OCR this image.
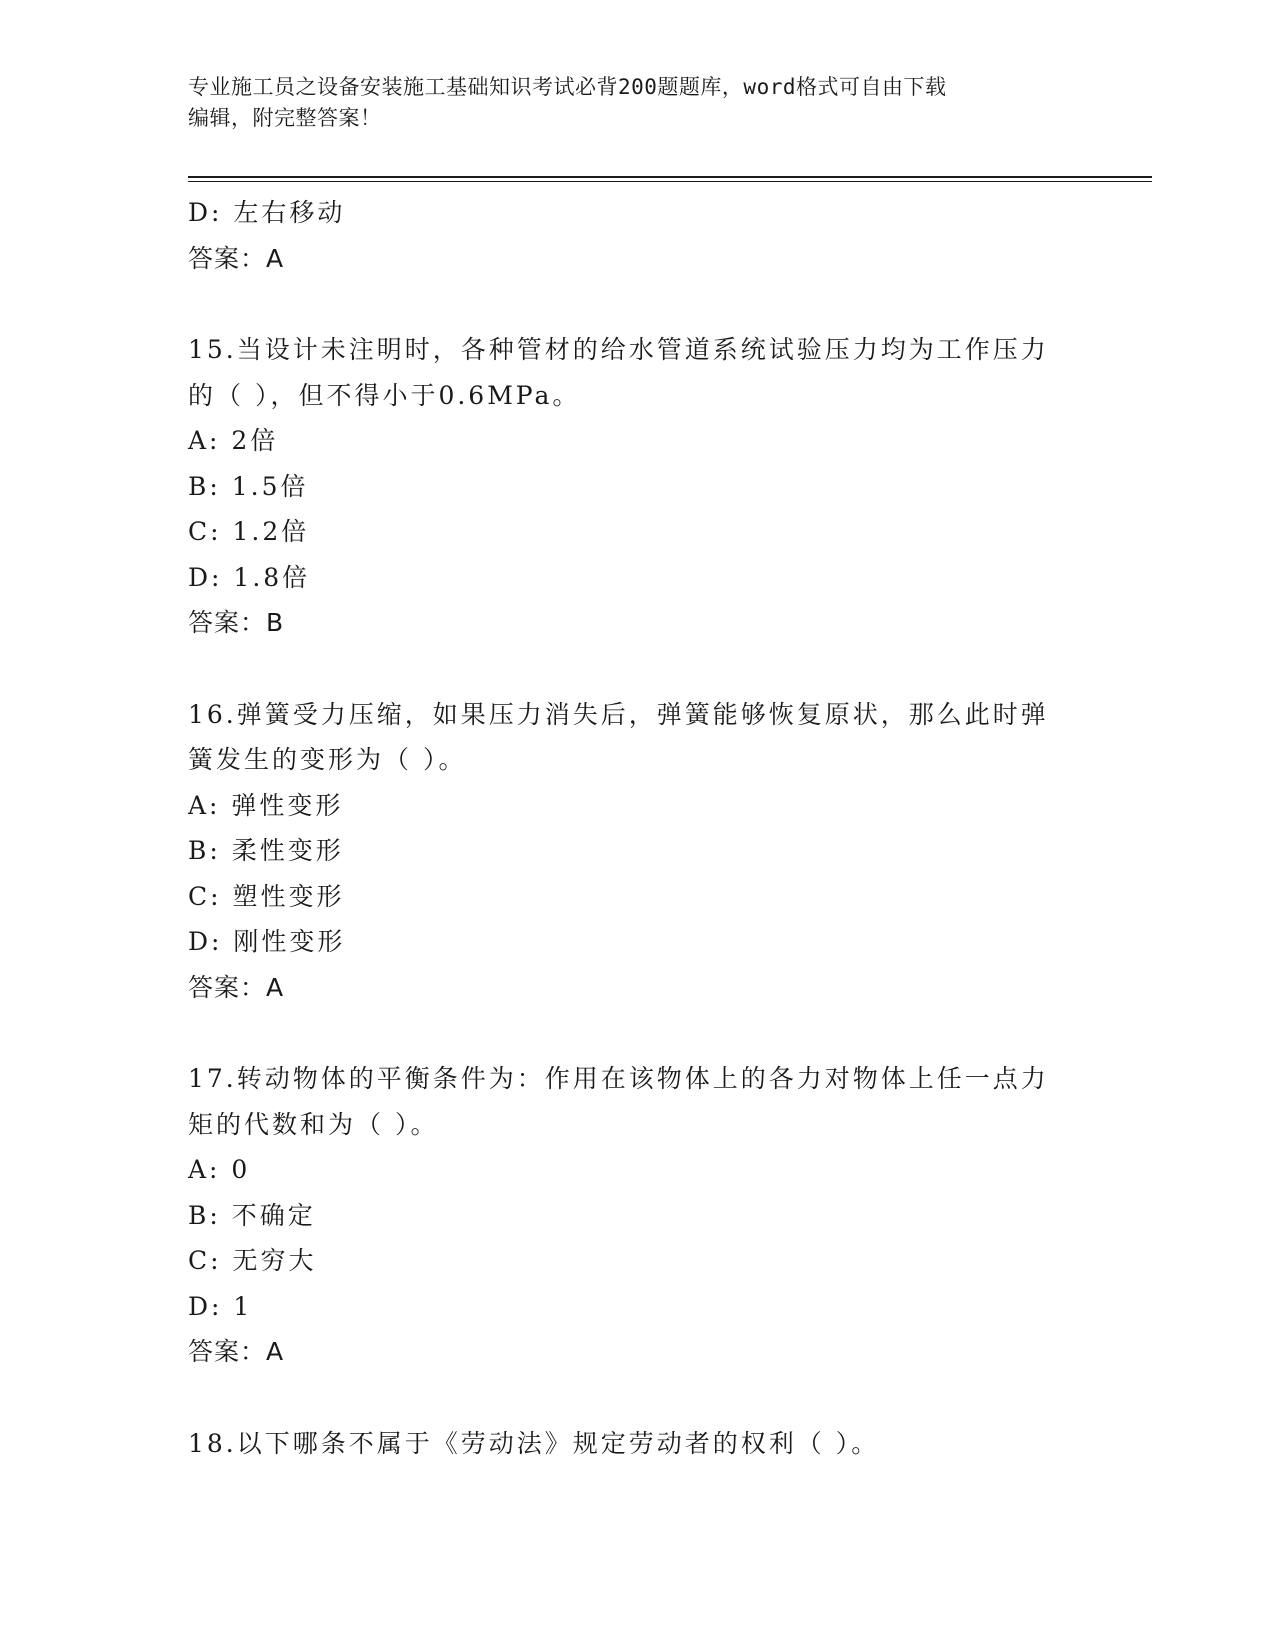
专业施工员之设备安装施工基础知识考试必背200题题库，word格式可自由下载
编辑，附完整答案！
D: 左右移动
答案：A
15.当设计未注明时，各种管材的给水管道系统试验压力均为工作压力
的（ ），但不得小于0.6MPa。
A: 2倍
B: 1.5倍
C: 1.2倍
D: 1.8倍
答案：B
16.弹簧受力压缩，如果压力消失后，弹簧能够恢复原状，那么此时弹
簧发生的变形为（ ）。
A: 弹性变形
B: 柔性变形
C: 塑性变形
D: 刚性变形
答案：A
17.转动物体的平衡条件为：作用在该物体上的各力对物体上任一点力
矩的代数和为（ ）。
A: 0
B: 不确定
C: 无穷大
D: 1
答案：A
18.以下哪条不属于《劳动法》规定劳动者的权利（ ）。
